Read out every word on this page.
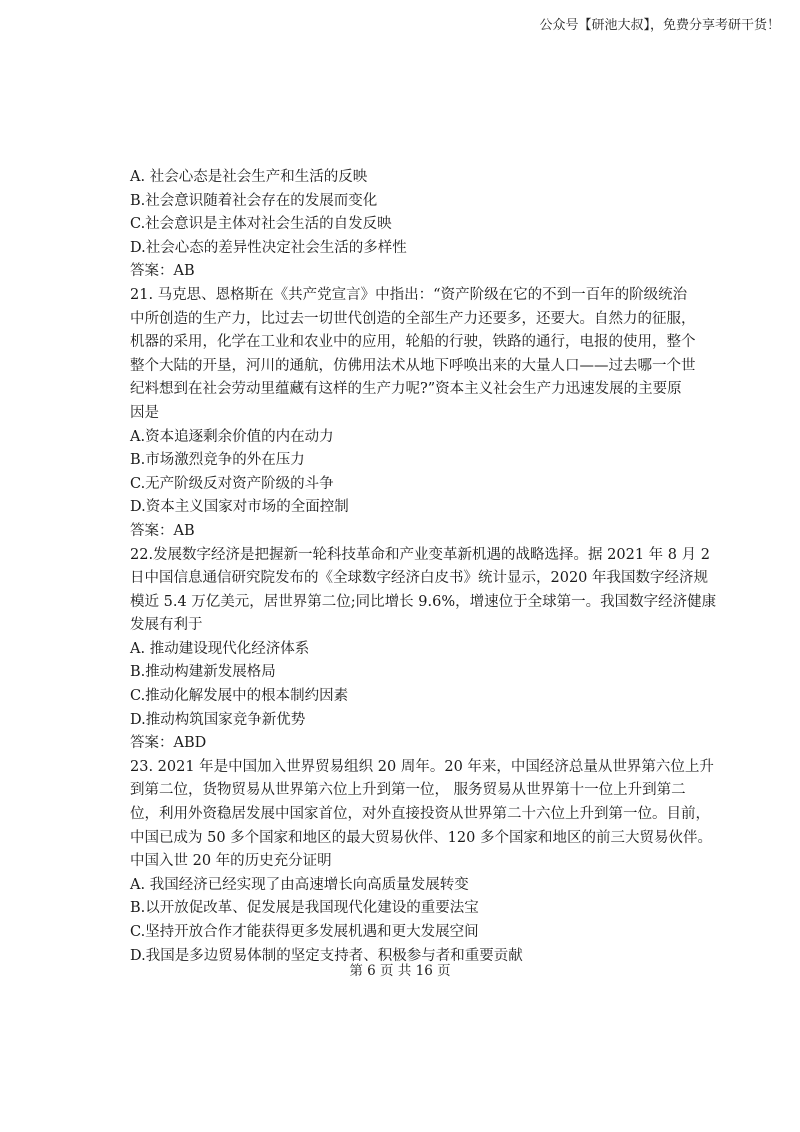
公众号【研池大叔】，免费分享考研干货！
A. 社会心态是社会生产和生活的反映
B.社会意识随着社会存在的发展而变化
C.社会意识是主体对社会生活的自发反映
D.社会心态的差异性决定社会生活的多样性
答案：AB
21. 马克思、恩格斯在《共产党宣言》中指出：“资产阶级在它的不到一百年的阶级统治
中所创造的生产力，比过去一切世代创造的全部生产力还要多，还要大。自然力的征服，
机器的采用，化学在工业和农业中的应用，轮船的行驶，铁路的通行，电报的使用，整个
整个大陆的开垦，河川的通航，仿佛用法术从地下呼唤出来的大量人口——过去哪一个世
纪料想到在社会劳动里蕴藏有这样的生产力呢?”资本主义社会生产力迅速发展的主要原
因是
A.资本追逐剩余价值的内在动力
B.市场激烈竞争的外在压力
C.无产阶级反对资产阶级的斗争
D.资本主义国家对市场的全面控制
答案：AB
22.发展数字经济是把握新一轮科技革命和产业变革新机遇的战略选择。据 2021 年 8 月 2
日中国信息通信研究院发布的《全球数字经济白皮书》统计显示，2020 年我国数字经济规
模近 5.4 万亿美元，居世界第二位;同比增长 9.6%，增速位于全球第一。我国数字经济健康
发展有利于
A. 推动建设现代化经济体系
B.推动构建新发展格局
C.推动化解发展中的根本制约因素
D.推动构筑国家竞争新优势
答案：ABD
23. 2021 年是中国加入世界贸易组织 20 周年。20 年来，中国经济总量从世界第六位上升
到第二位，货物贸易从世界第六位上升到第一位， 服务贸易从世界第十一位上升到第二
位，利用外资稳居发展中国家首位，对外直接投资从世界第二十六位上升到第一位。目前，
中国已成为 50 多个国家和地区的最大贸易伙伴、120 多个国家和地区的前三大贸易伙伴。
中国入世 20 年的历史充分证明
A. 我国经济已经实现了由高速增长向高质量发展转变
B.以开放促改革、促发展是我国现代化建设的重要法宝
C.坚持开放合作才能获得更多发展机遇和更大发展空间
D.我国是多边贸易体制的坚定支持者、积极参与者和重要贡献
第 6 页 共 16 页
